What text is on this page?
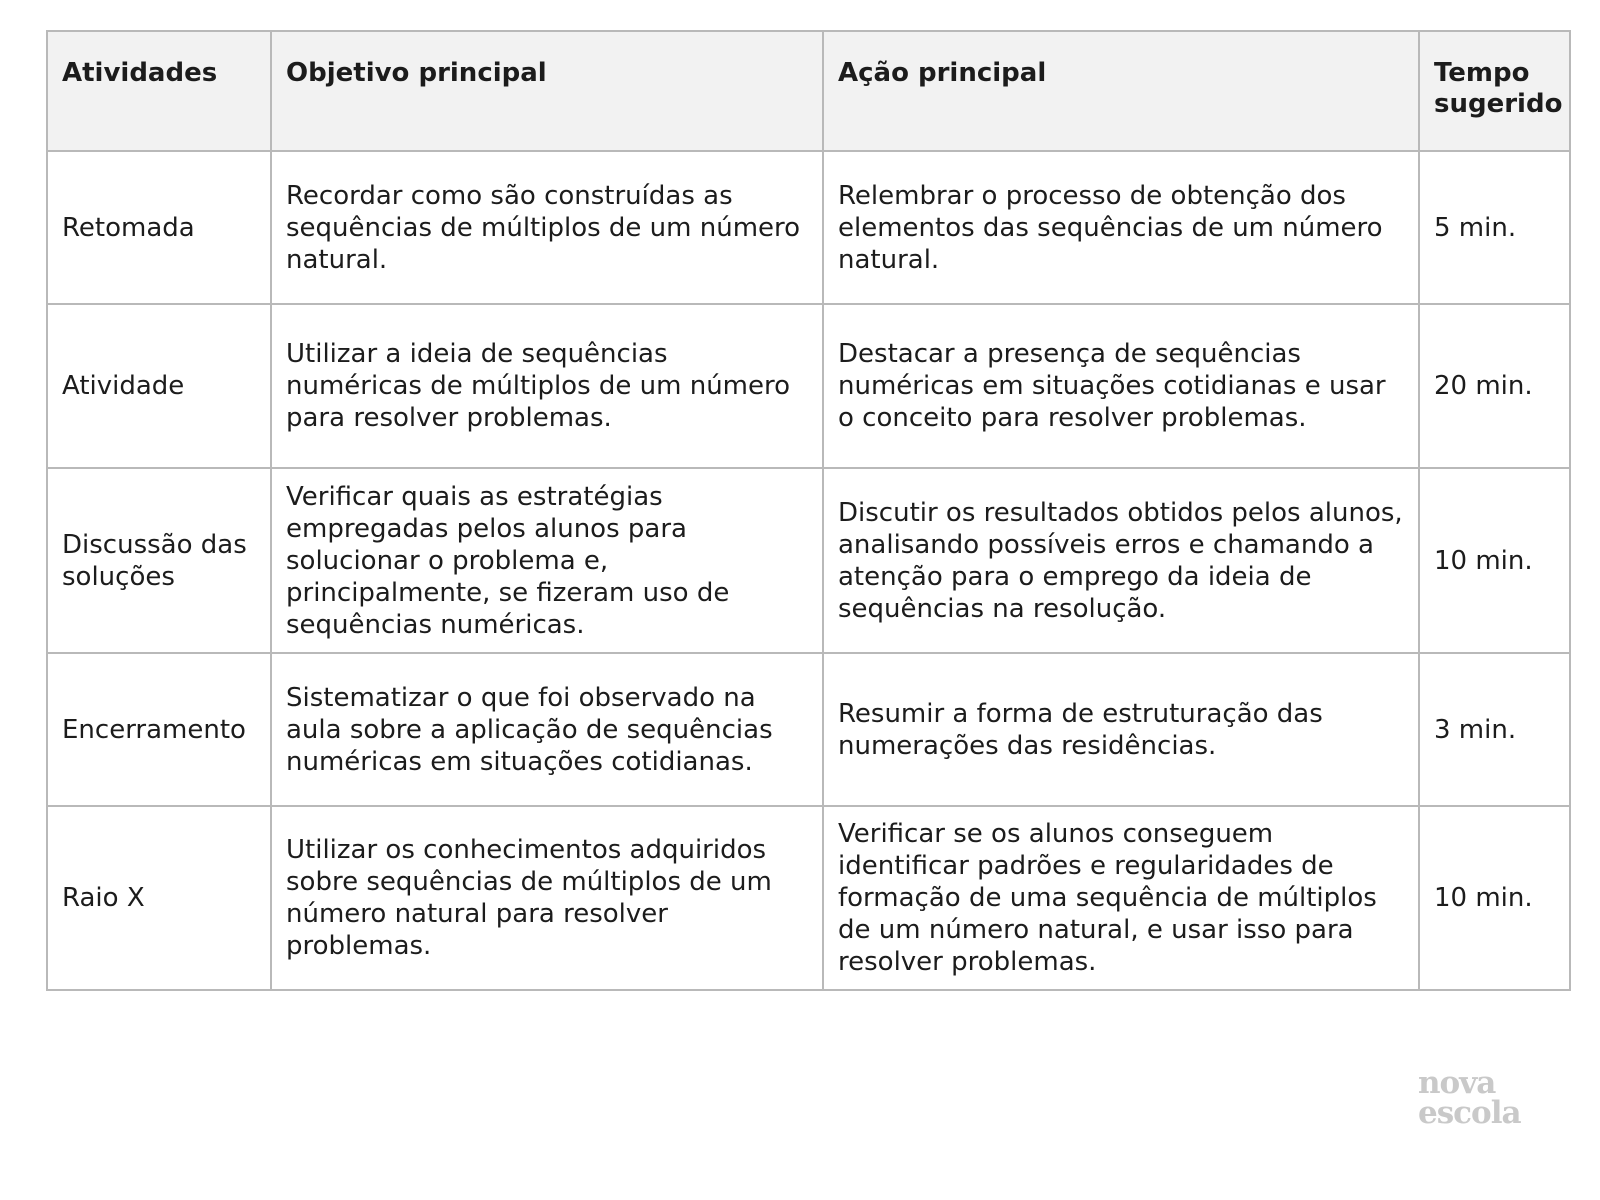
Atividades	Objetivo principal	Ação principal	Tempo sugerido
Retomada	Recordar como são construídas as sequências de múltiplos de um número natural.	Relembrar o processo de obtenção dos elementos das sequências de um número natural.	5 min.
Atividade	Utilizar a ideia de sequências numéricas de múltiplos de um número para resolver problemas.	Destacar a presença de sequências numéricas em situações cotidianas e usar o conceito para resolver problemas.	20 min.
Discussão das soluções	Verificar quais as estratégias empregadas pelos alunos para solucionar o problema e, principalmente, se fizeram uso de sequências numéricas.	Discutir os resultados obtidos pelos alunos, analisando possíveis erros e chamando a atenção para o emprego da ideia de sequências na resolução.	10 min.
Encerramento	Sistematizar o que foi observado na aula sobre a aplicação de sequências numéricas em situações cotidianas.	Resumir a forma de estruturação das numerações das residências.	3 min.
Raio X	Utilizar os conhecimentos adquiridos sobre sequências de múltiplos de um número natural para resolver problemas.	Verificar se os alunos conseguem identificar padrões e regularidades de formação de uma sequência de múltiplos de um número natural, e usar isso para resolver problemas.	10 min.
nova
escola
